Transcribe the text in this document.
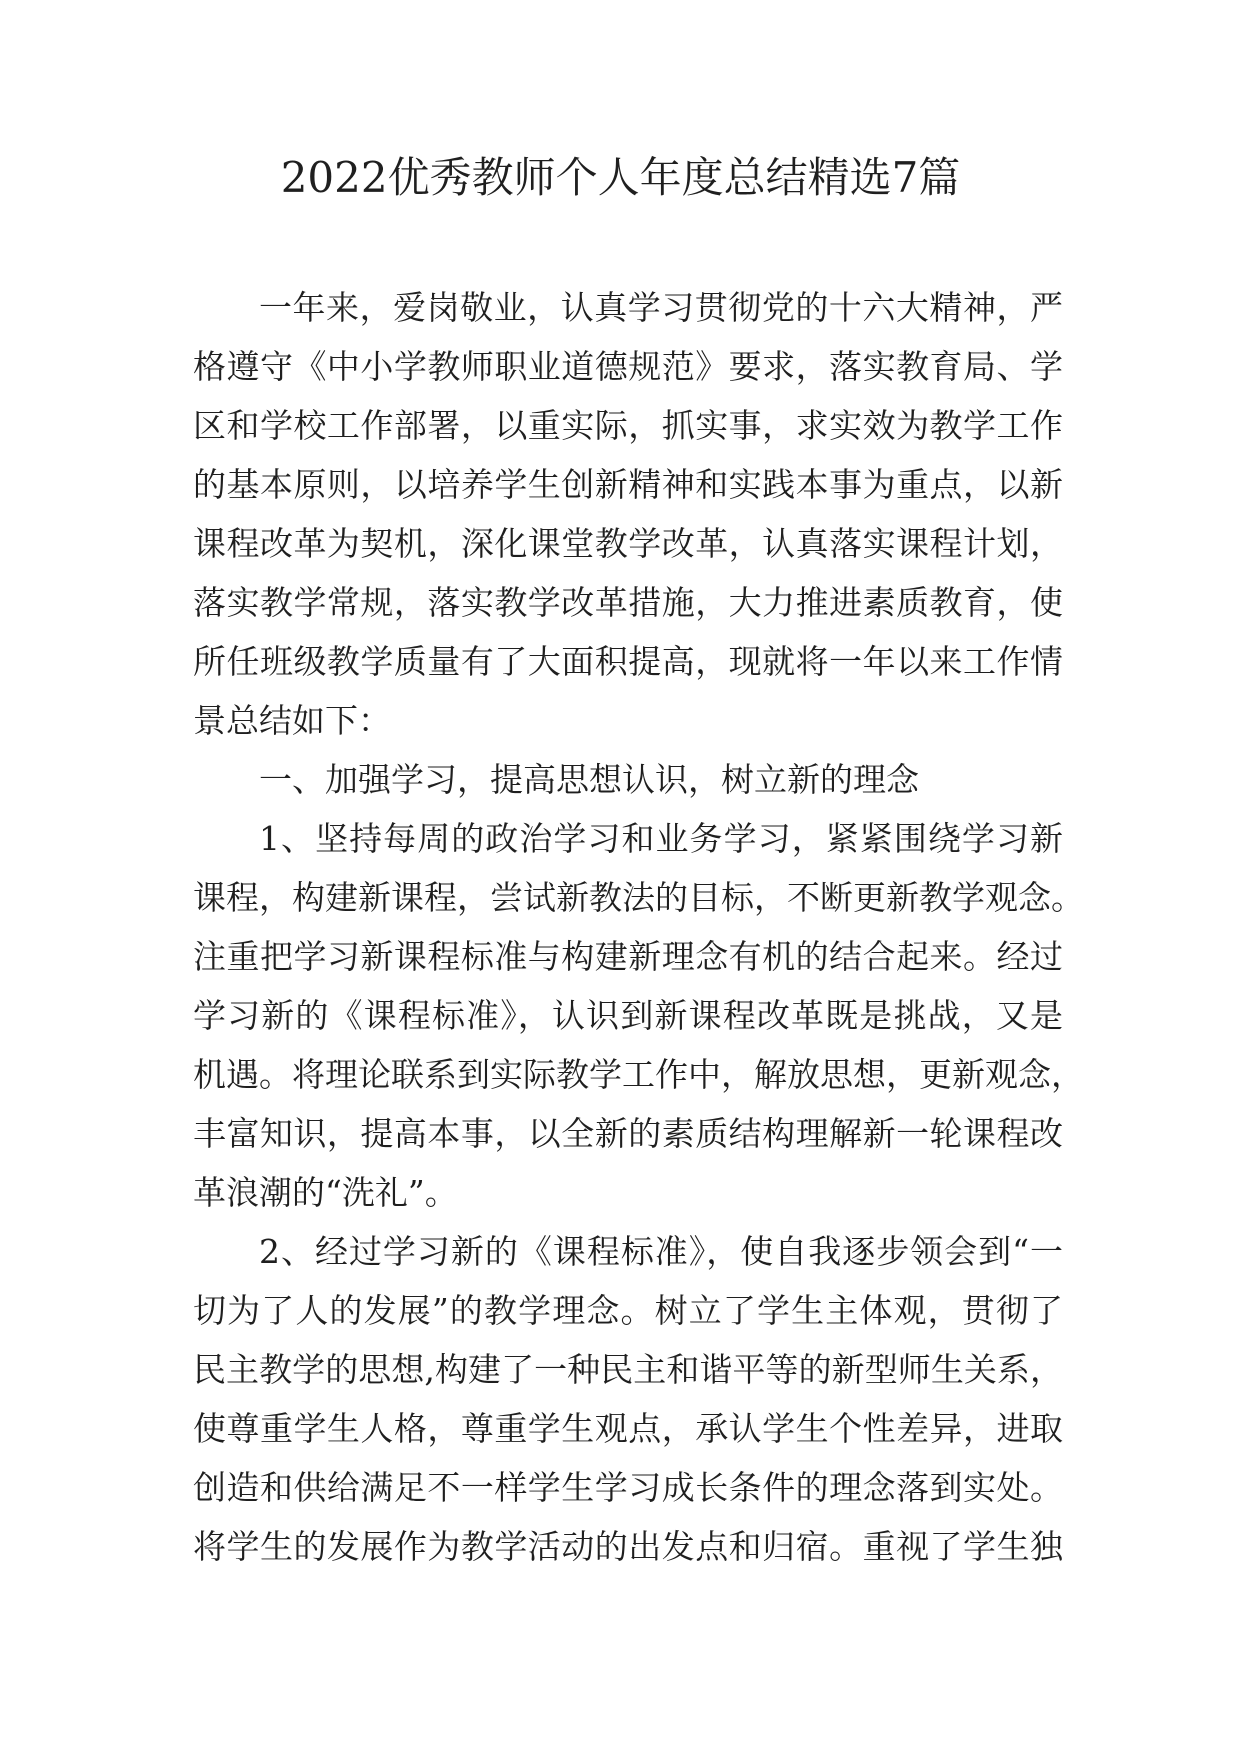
2022优秀教师个人年度总结精选7篇
一年来，爱岗敬业，认真学习贯彻党的十六大精神，严
格遵守《中小学教师职业道德规范》要求，落实教育局、学
区和学校工作部署，以重实际，抓实事，求实效为教学工作
的基本原则，以培养学生创新精神和实践本事为重点，以新
课程改革为契机，深化课堂教学改革，认真落实课程计划，
落实教学常规，落实教学改革措施，大力推进素质教育，使
所任班级教学质量有了大面积提高，现就将一年以来工作情
景总结如下：
一、加强学习，提高思想认识，树立新的理念
1、坚持每周的政治学习和业务学习，紧紧围绕学习新
课程，构建新课程，尝试新教法的目标，不断更新教学观念。
注重把学习新课程标准与构建新理念有机的结合起来。经过
学习新的《课程标准》，认识到新课程改革既是挑战，又是
机遇。将理论联系到实际教学工作中，解放思想，更新观念，
丰富知识，提高本事，以全新的素质结构理解新一轮课程改
革浪潮的“洗礼”。
2、经过学习新的《课程标准》，使自我逐步领会到“一
切为了人的发展”的教学理念。树立了学生主体观，贯彻了
民主教学的思想,构建了一种民主和谐平等的新型师生关系，
使尊重学生人格，尊重学生观点，承认学生个性差异，进取
创造和供给满足不一样学生学习成长条件的理念落到实处。
将学生的发展作为教学活动的出发点和归宿。重视了学生独
